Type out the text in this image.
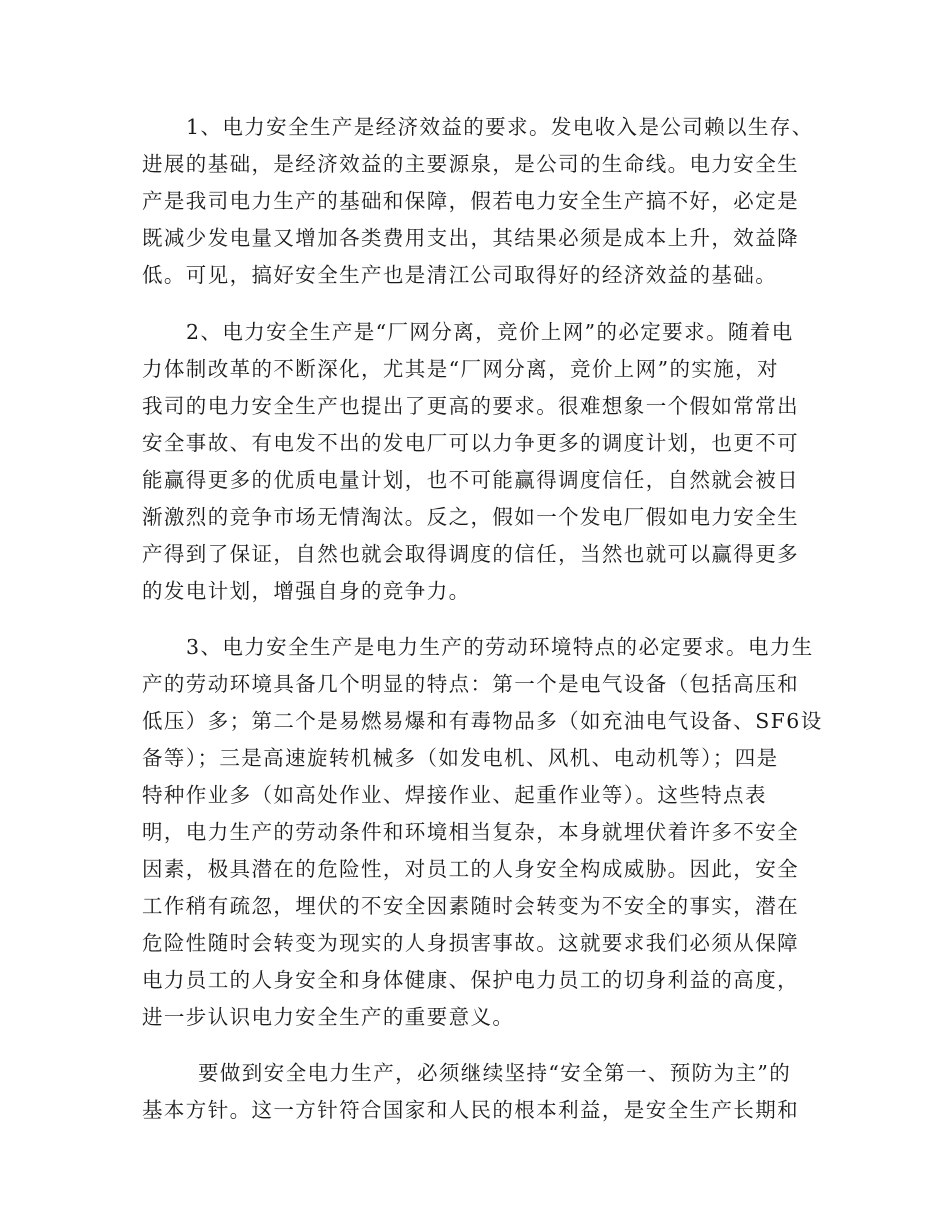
1、电力安全生产是经济效益的要求。发电收入是公司赖以生存、
进展的基础，是经济效益的主要源泉，是公司的生命线。电力安全生
产是我司电力生产的基础和保障，假若电力安全生产搞不好，必定是
既减少发电量又增加各类费用支出，其结果必须是成本上升，效益降
低。可见，搞好安全生产也是清江公司取得好的经济效益的基础。
2、电力安全生产是“厂网分离，竞价上网”的必定要求。随着电
力体制改革的不断深化，尤其是“厂网分离，竞价上网”的实施，对
我司的电力安全生产也提出了更高的要求。很难想象一个假如常常出
安全事故、有电发不出的发电厂可以力争更多的调度计划，也更不可
能赢得更多的优质电量计划，也不可能赢得调度信任，自然就会被日
渐激烈的竞争市场无情淘汰。反之，假如一个发电厂假如电力安全生
产得到了保证，自然也就会取得调度的信任，当然也就可以赢得更多
的发电计划，增强自身的竞争力。
3、电力安全生产是电力生产的劳动环境特点的必定要求。电力生
产的劳动环境具备几个明显的特点：第一个是电气设备（包括高压和
低压）多；第二个是易燃易爆和有毒物品多（如充油电气设备、SF6设
备等）；三是高速旋转机械多（如发电机、风机、电动机等）；四是
特种作业多（如高处作业、焊接作业、起重作业等）。这些特点表
明，电力生产的劳动条件和环境相当复杂，本身就埋伏着许多不安全
因素，极具潜在的危险性，对员工的人身安全构成威胁。因此，安全
工作稍有疏忽，埋伏的不安全因素随时会转变为不安全的事实，潜在
危险性随时会转变为现实的人身损害事故。这就要求我们必须从保障
电力员工的人身安全和身体健康、保护电力员工的切身利益的高度，
进一步认识电力安全生产的重要意义。
要做到安全电力生产，必须继续坚持“安全第一、预防为主”的
基本方针。这一方针符合国家和人民的根本利益，是安全生产长期和
